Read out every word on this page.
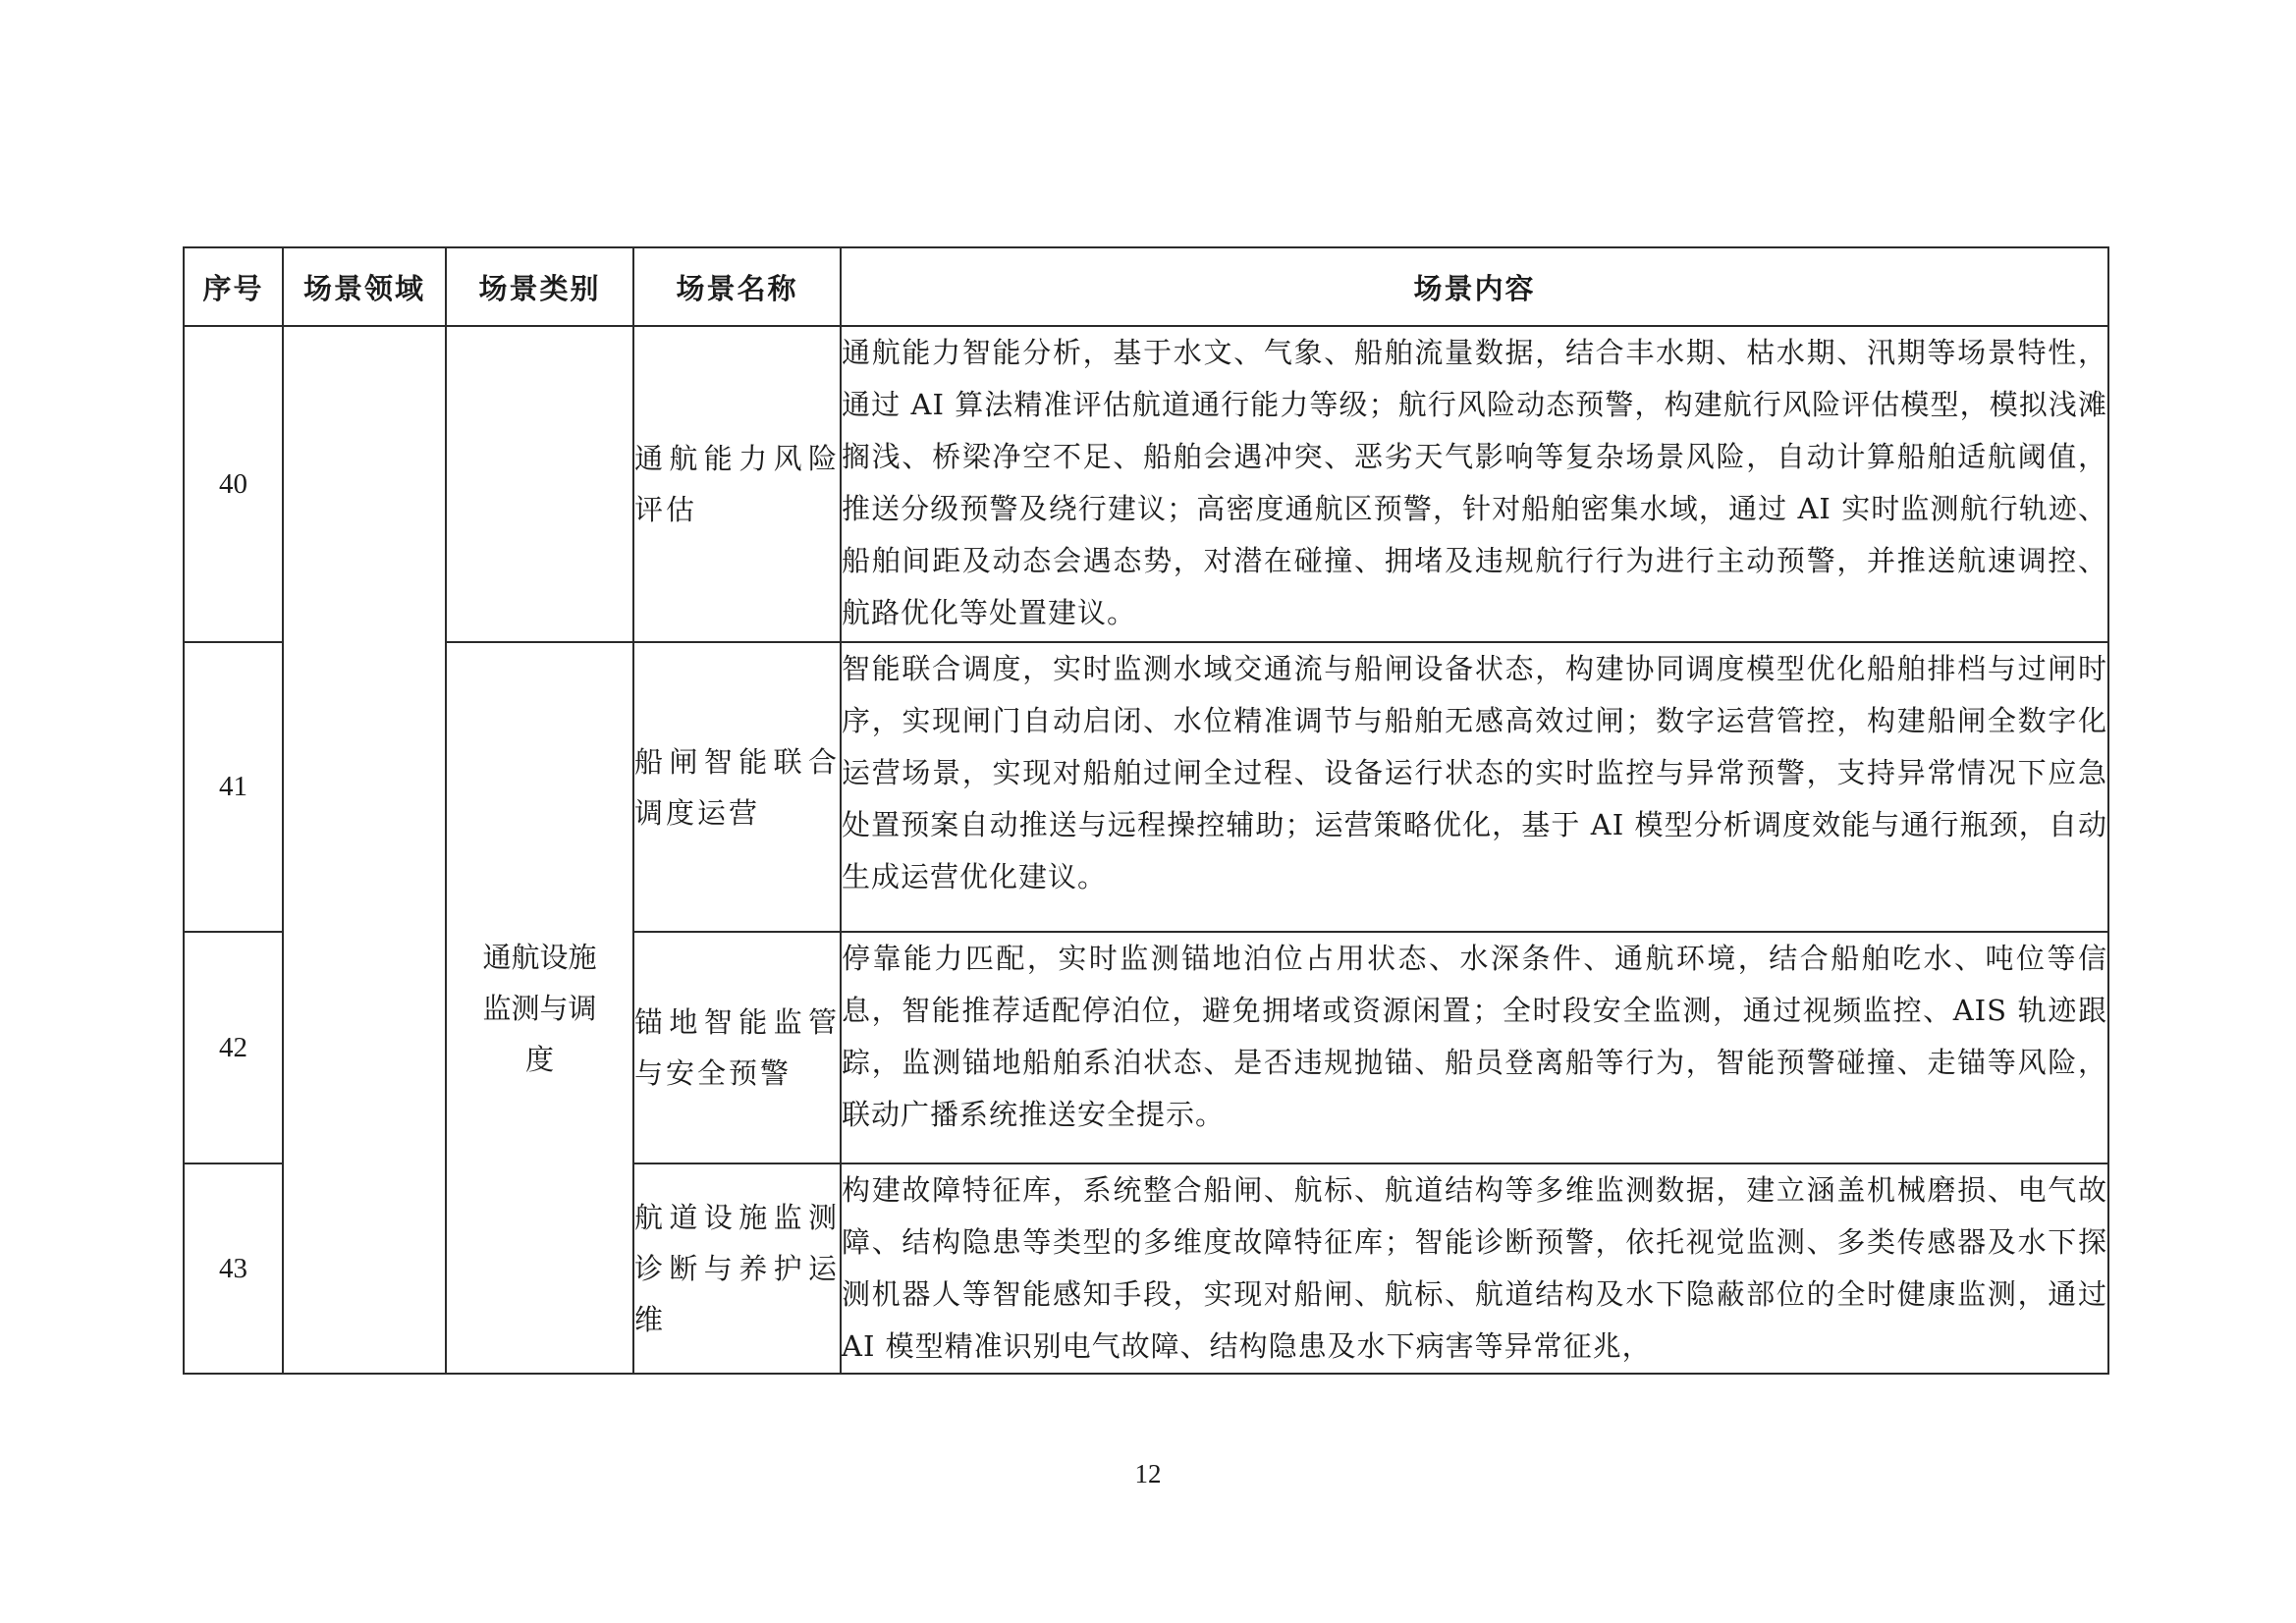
序号	场景领域	场景类别	场景名称	场景内容
40			通航能力风险评估	通航能力智能分析，基于水文、气象、船舶流量数据，结合丰水期、枯水期、汛期等场景特性，通过 AI 算法精准评估航道通行能力等级；航行风险动态预警，构建航行风险评估模型，模拟浅滩搁浅、桥梁净空不足、船舶会遇冲突、恶劣天气影响等复杂场景风险，自动计算船舶适航阈值，推送分级预警及绕行建议；高密度通航区预警，针对船舶密集水域，通过 AI 实时监测航行轨迹、船舶间距及动态会遇态势，对潜在碰撞、拥堵及违规航行行为进行主动预警，并推送航速调控、航路优化等处置建议。
41		通航设施监测与调度	船闸智能联合调度运营	智能联合调度，实时监测水域交通流与船闸设备状态，构建协同调度模型优化船舶排档与过闸时序，实现闸门自动启闭、水位精准调节与船舶无感高效过闸；数字运营管控，构建船闸全数字化运营场景，实现对船舶过闸全过程、设备运行状态的实时监控与异常预警，支持异常情况下应急处置预案自动推送与远程操控辅助；运营策略优化，基于 AI 模型分析调度效能与通行瓶颈，自动生成运营优化建议。
42			锚地智能监管与安全预警	停靠能力匹配，实时监测锚地泊位占用状态、水深条件、通航环境，结合船舶吃水、吨位等信息，智能推荐适配停泊位，避免拥堵或资源闲置；全时段安全监测，通过视频监控、AIS 轨迹跟踪，监测锚地船舶系泊状态、是否违规抛锚、船员登离船等行为，智能预警碰撞、走锚等风险，联动广播系统推送安全提示。
43			航道设施监测诊断与养护运维	构建故障特征库，系统整合船闸、航标、航道结构等多维监测数据，建立涵盖机械磨损、电气故障、结构隐患等类型的多维度故障特征库；智能诊断预警，依托视觉监测、多类传感器及水下探测机器人等智能感知手段，实现对船闸、航标、航道结构及水下隐蔽部位的全时健康监测，通过 AI 模型精准识别电气故障、结构隐患及水下病害等异常征兆，
12
